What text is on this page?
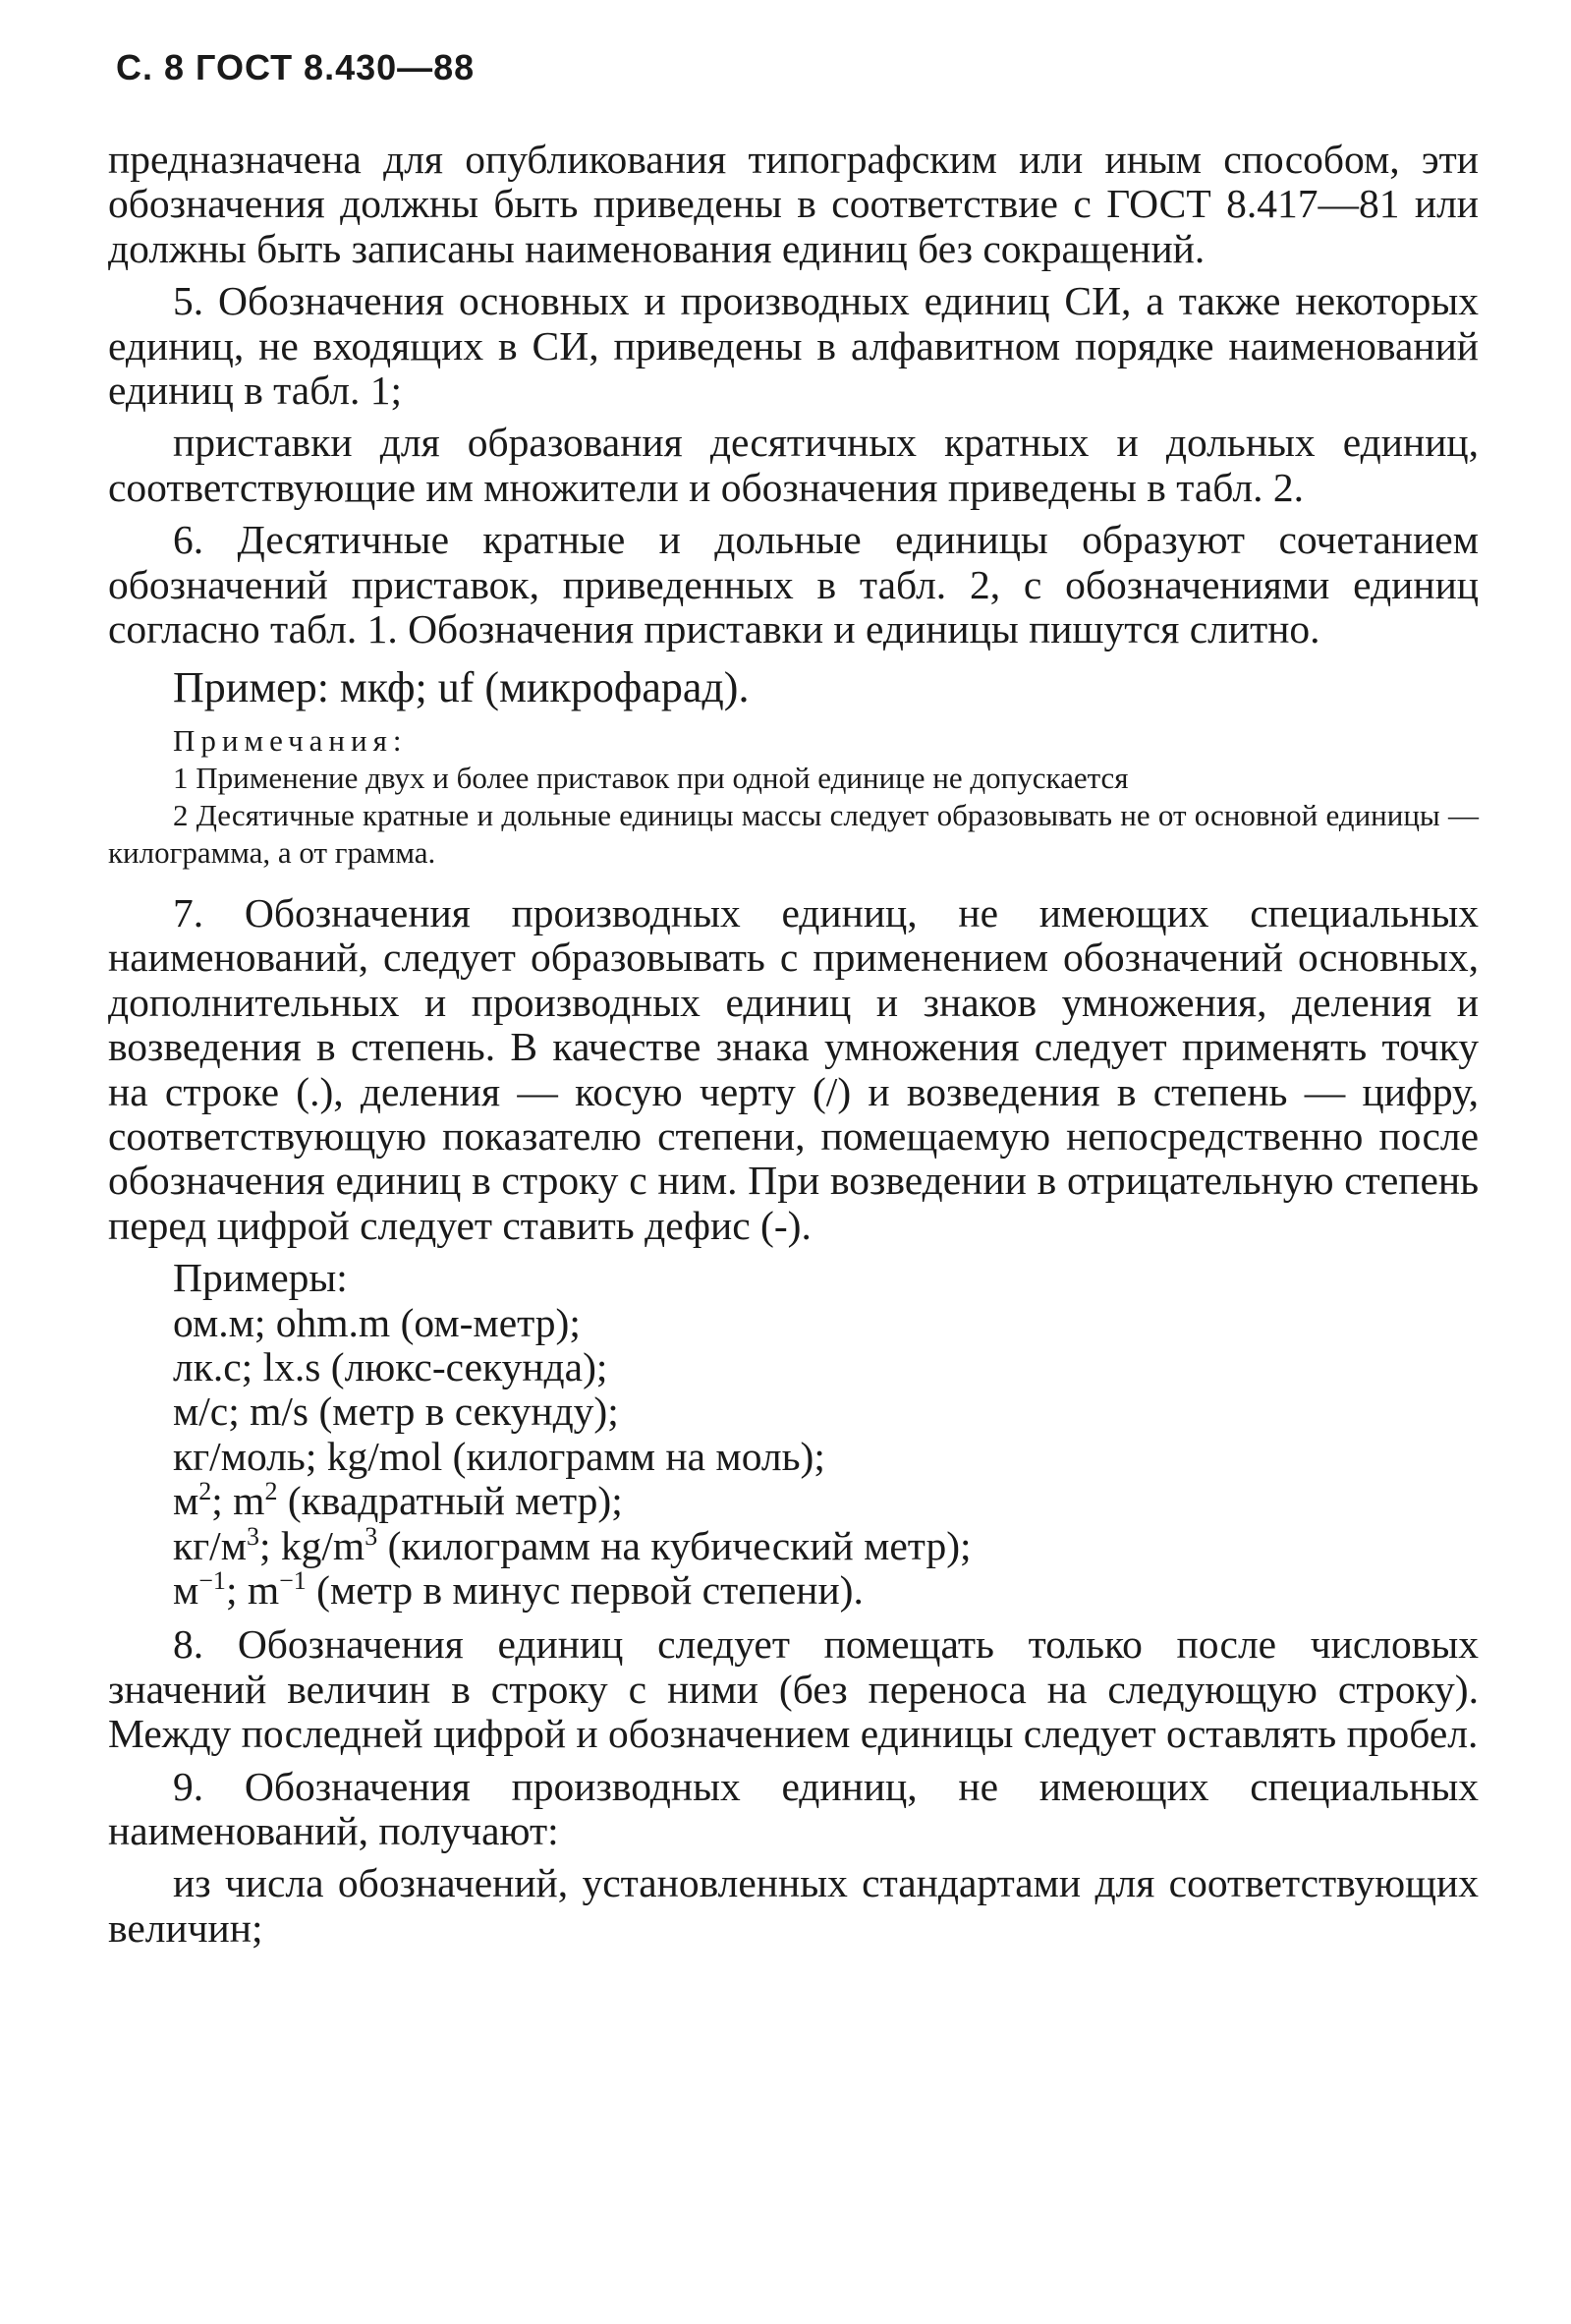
С. 8 ГОСТ 8.430—88

предназначена для опубликования типографским или иным способом, эти обозначения должны быть приведены в соответствие с ГОСТ 8.417—81 или должны быть записаны наименования единиц без сокращений.

5. Обозначения основных и производных единиц СИ, а также некоторых единиц, не входящих в СИ, приведены в алфавитном порядке наименований единиц в табл. 1;

приставки для образования десятичных кратных и дольных единиц, соответствующие им множители и обозначения приведены в табл. 2.

6. Десятичные кратные и дольные единицы образуют сочетанием обозначений приставок, приведенных в табл. 2, с обозначениями единиц согласно табл. 1. Обозначения приставки и единицы пишутся слитно.

Пример: мкф; uf (микрофарад).

Примечания:

1 Применение двух и более приставок при одной единице не допускается

2 Десятичные кратные и дольные единицы массы следует образовывать не от основной единицы — килограмма, а от грамма.

7. Обозначения производных единиц, не имеющих специальных наименований, следует образовывать с применением обозначений основных, дополнительных и производных единиц и знаков умножения, деления и возведения в степень. В качестве знака умножения следует применять точку на строке (.), деления — косую черту (/) и возведения в степень — цифру, соответствующую показателю степени, помещаемую непосредственно после обозначения единиц в строку с ним. При возведении в отрицательную степень перед цифрой следует ставить дефис (-).

Примеры:

ом.м; ohm.m (ом-метр);

лк.с; lx.s (люкс-секунда);

м/с; m/s (метр в секунду);

кг/моль; kg/mol (килограмм на моль);

$м^2$; $m^2$ (квадратный метр);

$кг/м^3$; $kg/m^3$ (килограмм на кубический метр);

$м^{-1}$; $m^{-1}$ (метр в минус первой степени).

8. Обозначения единиц следует помещать только после числовых значений величин в строку с ними (без переноса на следующую строку). Между последней цифрой и обозначением единицы следует оставлять пробел.

9. Обозначения производных единиц, не имеющих специальных наименований, получают:

из числа обозначений, установленных стандартами для соответствующих величин;
